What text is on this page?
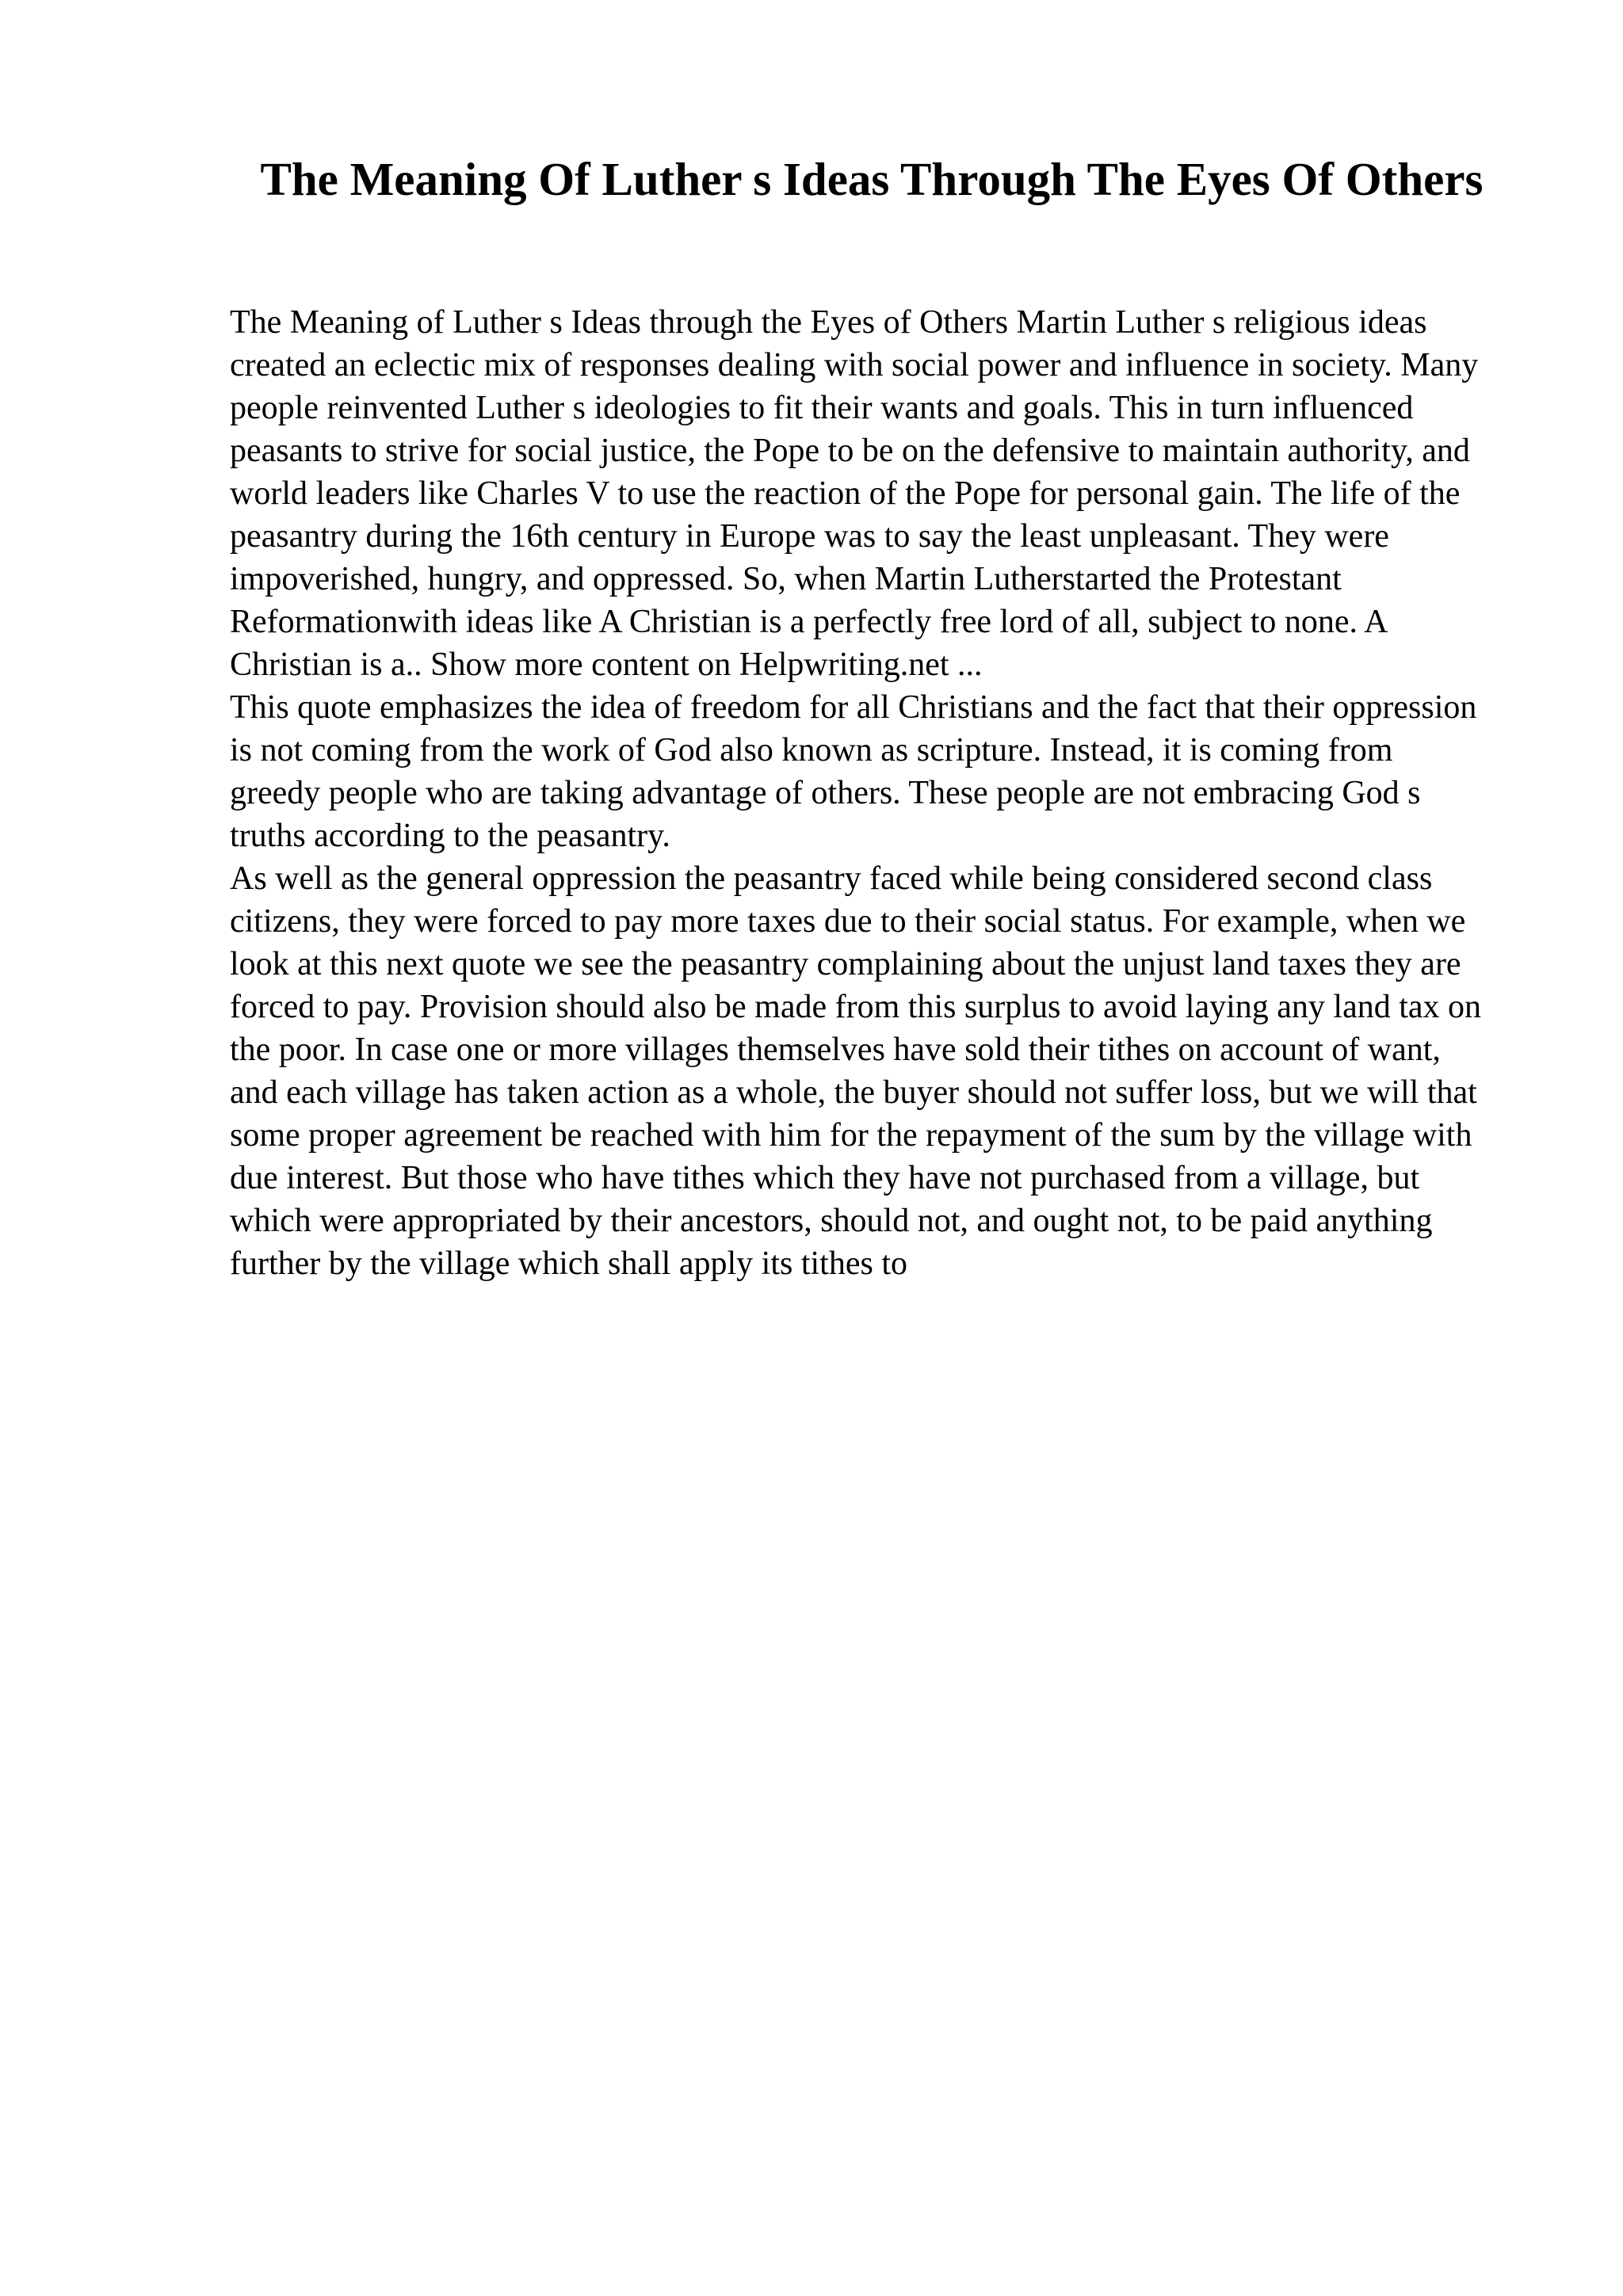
The Meaning Of Luther s Ideas Through The Eyes Of Others

The Meaning of Luther s Ideas through the Eyes of Others Martin Luther s religious ideas created an eclectic mix of responses dealing with social power and influence in society. Many people reinvented Luther s ideologies to fit their wants and goals. This in turn influenced peasants to strive for social justice, the Pope to be on the defensive to maintain authority, and world leaders like Charles V to use the reaction of the Pope for personal gain. The life of the peasantry during the 16th century in Europe was to say the least unpleasant. They were impoverished, hungry, and oppressed. So, when Martin Lutherstarted the Protestant Reformationwith ideas like A Christian is a perfectly free lord of all, subject to none. A Christian is a.. Show more content on Helpwriting.net ...

This quote emphasizes the idea of freedom for all Christians and the fact that their oppression is not coming from the work of God also known as scripture. Instead, it is coming from greedy people who are taking advantage of others. These people are not embracing God s truths according to the peasantry.

As well as the general oppression the peasantry faced while being considered second class citizens, they were forced to pay more taxes due to their social status. For example, when we look at this next quote we see the peasantry complaining about the unjust land taxes they are forced to pay. Provision should also be made from this surplus to avoid laying any land tax on the poor. In case one or more villages themselves have sold their tithes on account of want, and each village has taken action as a whole, the buyer should not suffer loss, but we will that some proper agreement be reached with him for the repayment of the sum by the village with due interest. But those who have tithes which they have not purchased from a village, but which were appropriated by their ancestors, should not, and ought not, to be paid anything further by the village which shall apply its tithes to
